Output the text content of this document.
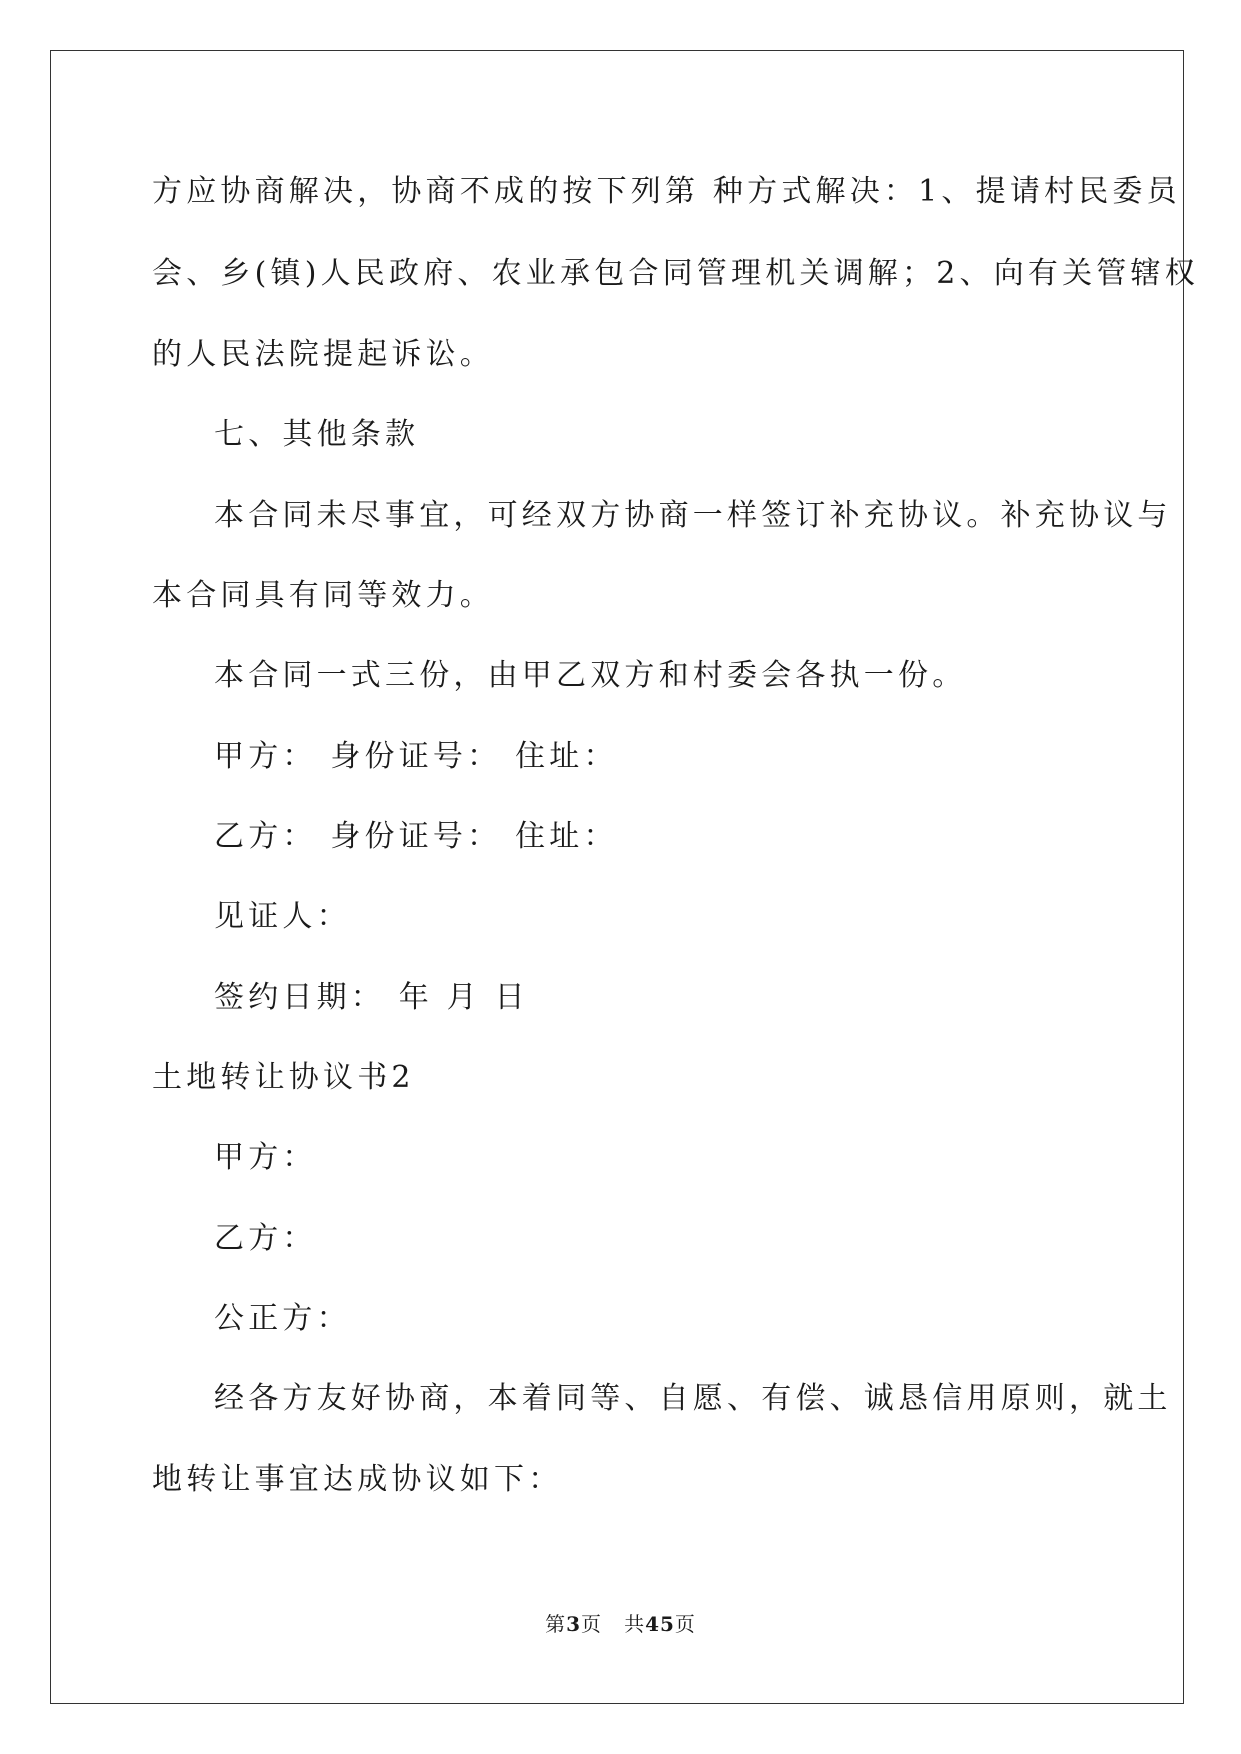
方应协商解决，协商不成的按下列第 种方式解决：1、提请村民委员
会、乡(镇)人民政府、农业承包合同管理机关调解；2、向有关管辖权
的人民法院提起诉讼。
七、其他条款
本合同未尽事宜，可经双方协商一样签订补充协议。补充协议与
本合同具有同等效力。
本合同一式三份，由甲乙双方和村委会各执一份。
甲方： 身份证号： 住址：
乙方： 身份证号： 住址：
见证人：
签约日期： 年 月 日
土地转让协议书2
甲方：
乙方：
公正方：
经各方友好协商，本着同等、自愿、有偿、诚恳信用原则，就土
地转让事宜达成协议如下：
第3页 共45页
